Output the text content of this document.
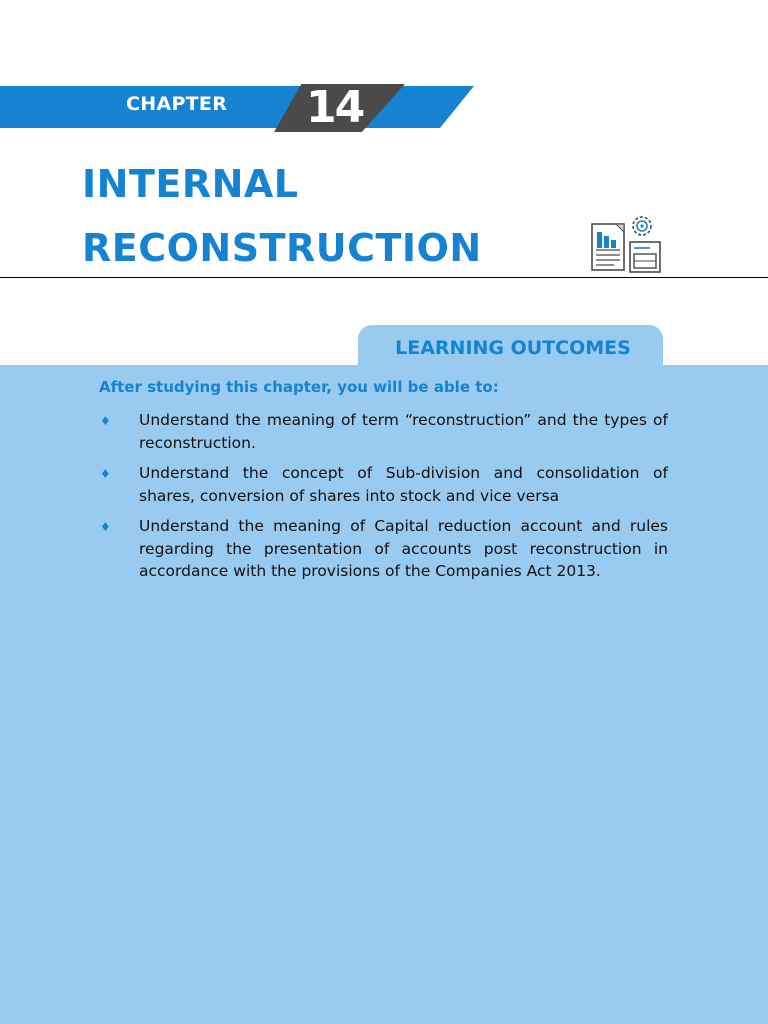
CHAPTER 14
INTERNAL
RECONSTRUCTION
LEARNING OUTCOMES
After studying this chapter, you will be able to:
♦	Understand the meaning of term “reconstruction” and the types of reconstruction.
♦	Understand the concept of Sub-division and consolidation of shares, conversion of shares into stock and vice versa
♦	Understand the meaning of Capital reduction account and rules regarding the presentation of accounts post reconstruction in accordance with the provisions of the Companies Act 2013.
